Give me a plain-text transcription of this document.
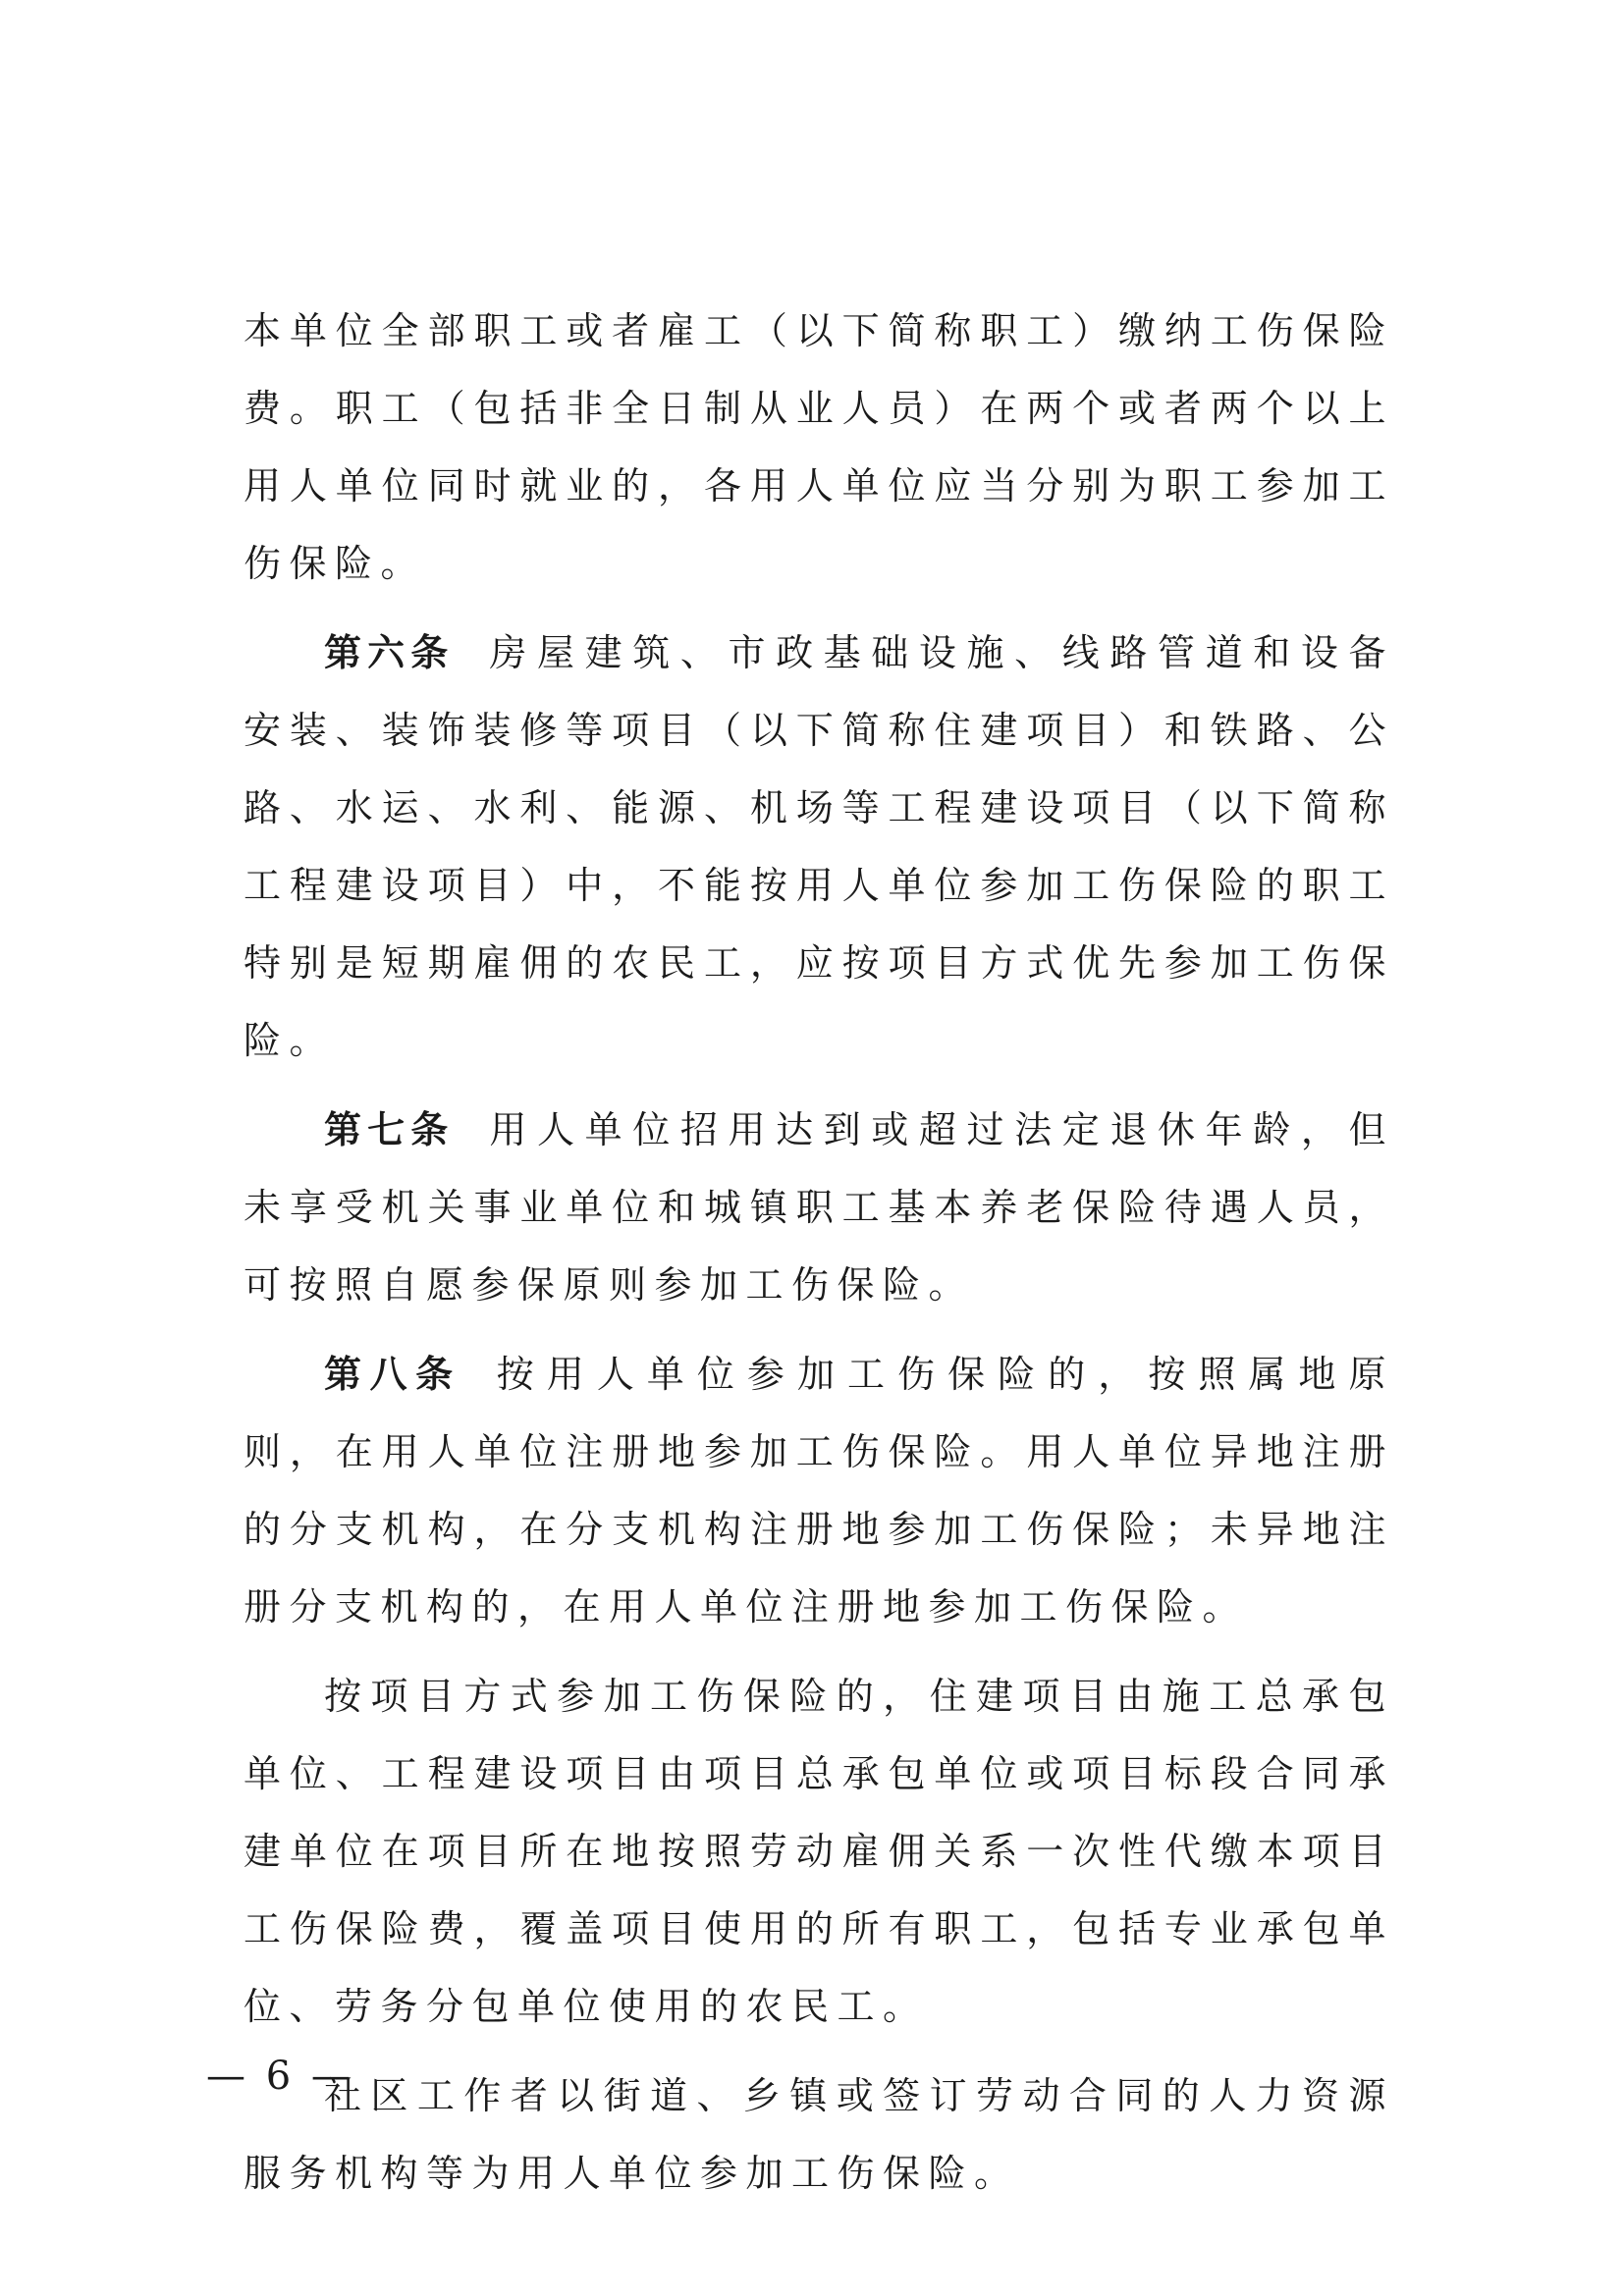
本单位全部职工或者雇工（以下简称职工）缴纳工伤保险费。职工（包括非全日制从业人员）在两个或者两个以上用人单位同时就业的，各用人单位应当分别为职工参加工伤保险。

第六条 房屋建筑、市政基础设施、线路管道和设备安装、装饰装修等项目（以下简称住建项目）和铁路、公路、水运、水利、能源、机场等工程建设项目（以下简称工程建设项目）中，不能按用人单位参加工伤保险的职工特别是短期雇佣的农民工，应按项目方式优先参加工伤保险。

第七条 用人单位招用达到或超过法定退休年龄，但未享受机关事业单位和城镇职工基本养老保险待遇人员，可按照自愿参保原则参加工伤保险。

第八条 按用人单位参加工伤保险的，按照属地原则，在用人单位注册地参加工伤保险。用人单位异地注册的分支机构，在分支机构注册地参加工伤保险；未异地注册分支机构的，在用人单位注册地参加工伤保险。

按项目方式参加工伤保险的，住建项目由施工总承包单位、工程建设项目由项目总承包单位或项目标段合同承建单位在项目所在地按照劳动雇佣关系一次性代缴本项目工伤保险费，覆盖项目使用的所有职工，包括专业承包单位、劳务分包单位使用的农民工。

社区工作者以街道、乡镇或签订劳动合同的人力资源服务机构等为用人单位参加工伤保险。

— 6 —
